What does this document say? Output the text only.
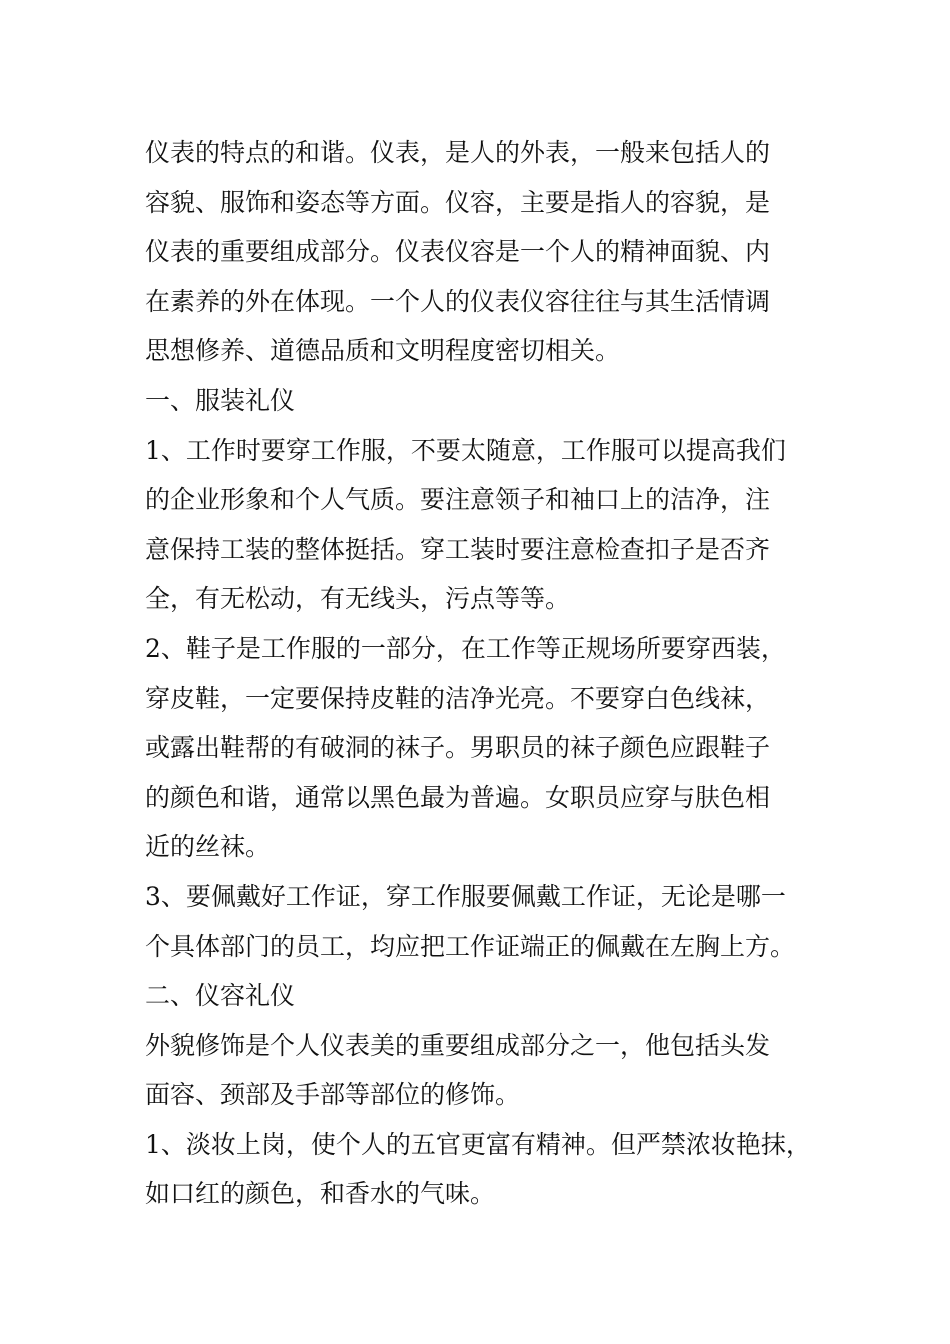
仪表的特点的和谐。仪表，是人的外表，一般来包括人的
容貌、服饰和姿态等方面。仪容，主要是指人的容貌，是
仪表的重要组成部分。仪表仪容是一个人的精神面貌、内
在素养的外在体现。一个人的仪表仪容往往与其生活情调
思想修养、道德品质和文明程度密切相关。
一、服装礼仪
1、工作时要穿工作服，不要太随意，工作服可以提高我们
的企业形象和个人气质。要注意领子和袖口上的洁净，注
意保持工装的整体挺括。穿工装时要注意检查扣子是否齐
全，有无松动，有无线头，污点等等。
2、鞋子是工作服的一部分，在工作等正规场所要穿西装，
穿皮鞋，一定要保持皮鞋的洁净光亮。不要穿白色线袜，
或露出鞋帮的有破洞的袜子。男职员的袜子颜色应跟鞋子
的颜色和谐，通常以黑色最为普遍。女职员应穿与肤色相
近的丝袜。
3、要佩戴好工作证，穿工作服要佩戴工作证，无论是哪一
个具体部门的员工，均应把工作证端正的佩戴在左胸上方。
二、仪容礼仪
外貌修饰是个人仪表美的重要组成部分之一，他包括头发
面容、颈部及手部等部位的修饰。
1、淡妆上岗，使个人的五官更富有精神。但严禁浓妆艳抹，
如口红的颜色，和香水的气味。
